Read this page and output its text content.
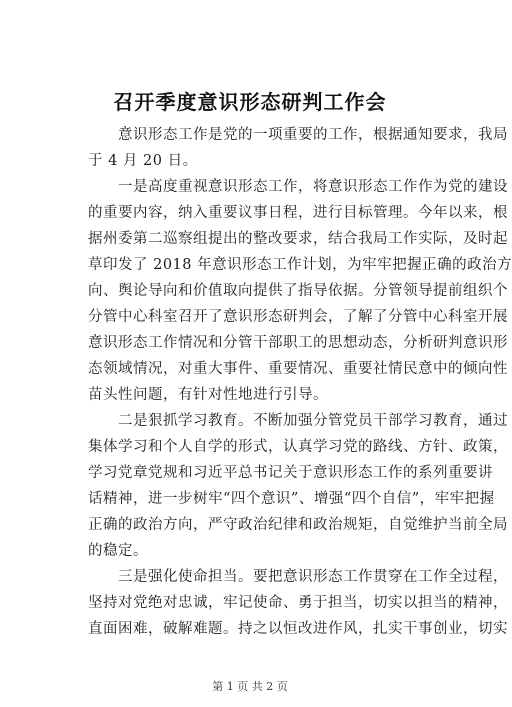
召开季度意识形态研判工作会
　　意识形态工作是党的一项重要的工作，根据通知要求，我局
于 4 月 20 日。
　　一是高度重视意识形态工作，将意识形态工作作为党的建设
的重要内容，纳入重要议事日程，进行目标管理。今年以来，根
据州委第二巡察组提出的整改要求，结合我局工作实际，及时起
草印发了 2018 年意识形态工作计划，为牢牢把握正确的政治方
向、舆论导向和价值取向提供了指导依据。分管领导提前组织个
分管中心科室召开了意识形态研判会，了解了分管中心科室开展
意识形态工作情况和分管干部职工的思想动态，分析研判意识形
态领域情况，对重大事件、重要情况、重要社情民意中的倾向性
苗头性问题，有针对性地进行引导。
　　二是狠抓学习教育。不断加强分管党员干部学习教育，通过
集体学习和个人自学的形式，认真学习党的路线、方针、政策，
学习党章党规和习近平总书记关于意识形态工作的系列重要讲
话精神，进一步树牢“四个意识”、增强“四个自信”，牢牢把握
正确的政治方向，严守政治纪律和政治规矩，自觉维护当前全局
的稳定。
　　三是强化使命担当。要把意识形态工作贯穿在工作全过程，
坚持对党绝对忠诚，牢记使命、勇于担当，切实以担当的精神，
直面困难，破解难题。持之以恒改进作风，扎实干事创业，切实
第 1 页 共 2 页
